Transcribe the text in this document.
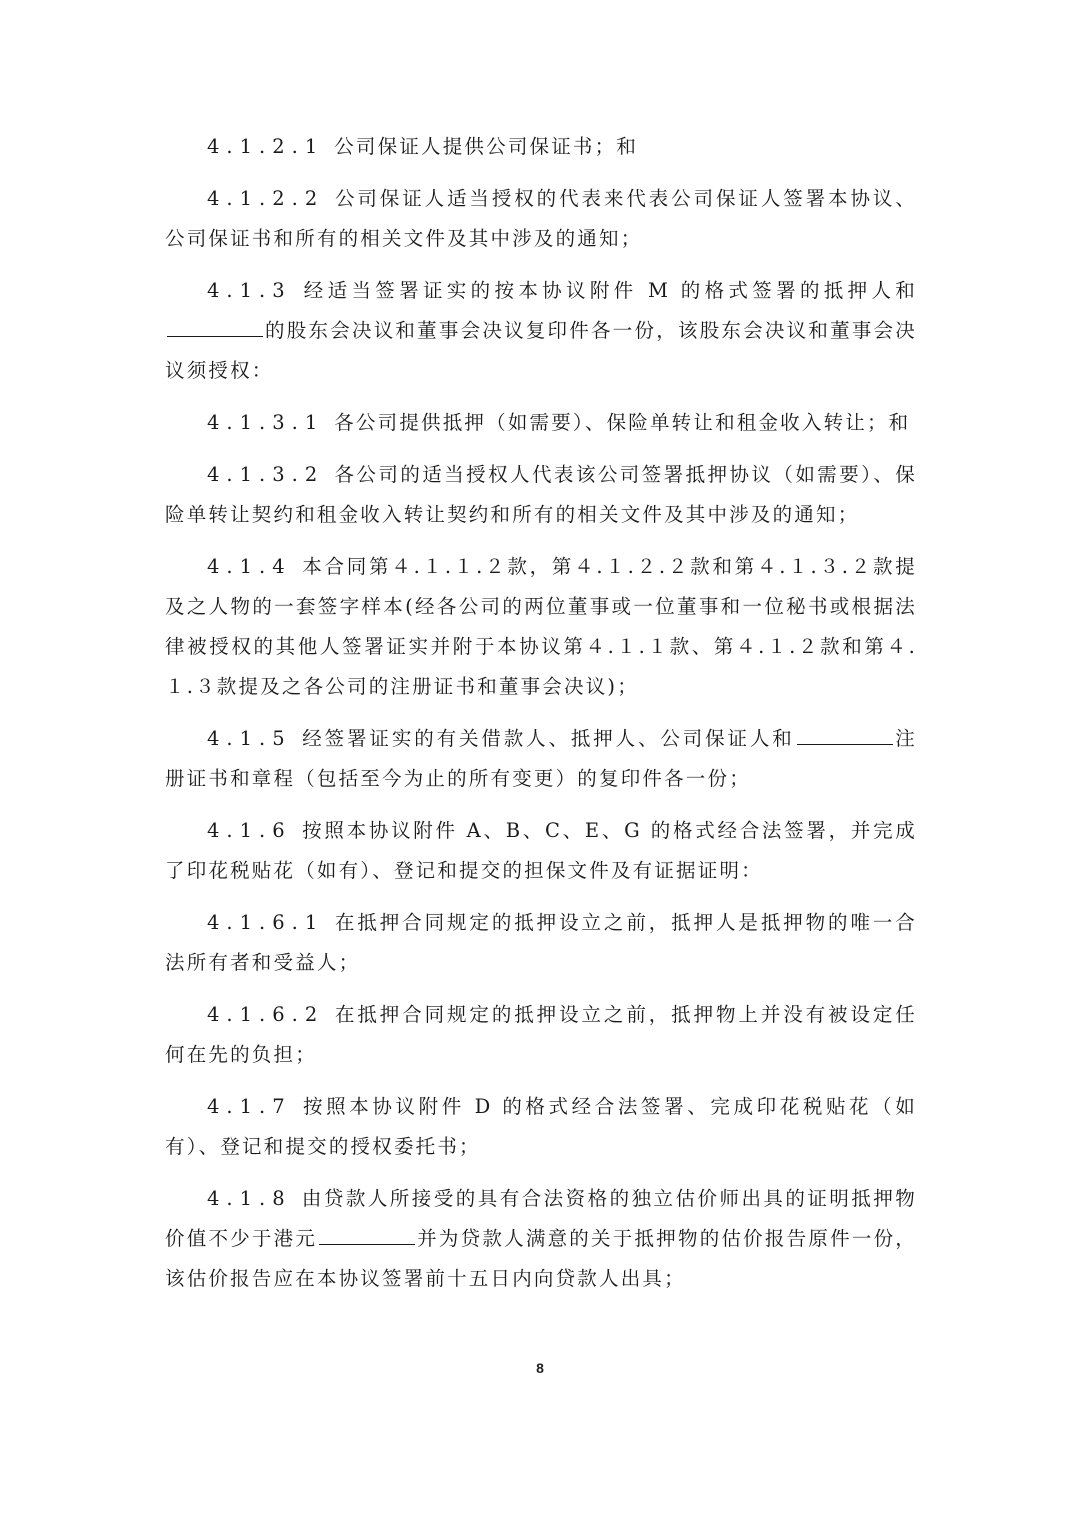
4.1.2.1 公司保证人提供公司保证书；和

4.1.2.2 公司保证人适当授权的代表来代表公司保证人签署本协议、公司保证书和所有的相关文件及其中涉及的通知；

4.1.3 经适当签署证实的按本协议附件 M 的格式签署的抵押人和的股东会决议和董事会决议复印件各一份，该股东会决议和董事会决议须授权：

4.1.3.1 各公司提供抵押（如需要）、保险单转让和租金收入转让；和

4.1.3.2 各公司的适当授权人代表该公司签署抵押协议（如需要）、保险单转让契约和租金收入转让契约和所有的相关文件及其中涉及的通知；

4.1.4 本合同第４.１.１.２款，第４.１.２.２款和第４.１.３.２款提及之人物的一套签字样本(经各公司的两位董事或一位董事和一位秘书或根据法律被授权的其他人签署证实并附于本协议第４.１.１款、第４.１.２款和第４.１.３款提及之各公司的注册证书和董事会决议)；

4.1.5 经签署证实的有关借款人、抵押人、公司保证人和	注册证书和章程（包括至今为止的所有变更）的复印件各一份；

4.1.6 按照本协议附件 A、B、C、E、G 的格式经合法签署，并完成了印花税贴花（如有）、登记和提交的担保文件及有证据证明：

4.1.6.1 在抵押合同规定的抵押设立之前，抵押人是抵押物的唯一合法所有者和受益人；

4.1.6.2 在抵押合同规定的抵押设立之前，抵押物上并没有被设定任何在先的负担；

4.1.7 按照本协议附件 D 的格式经合法签署、完成印花税贴花（如有）、登记和提交的授权委托书；

4.1.8 由贷款人所接受的具有合法资格的独立估价师出具的证明抵押物价值不少于港元	并为贷款人满意的关于抵押物的估价报告原件一份，该估价报告应在本协议签署前十五日内向贷款人出具；

8
